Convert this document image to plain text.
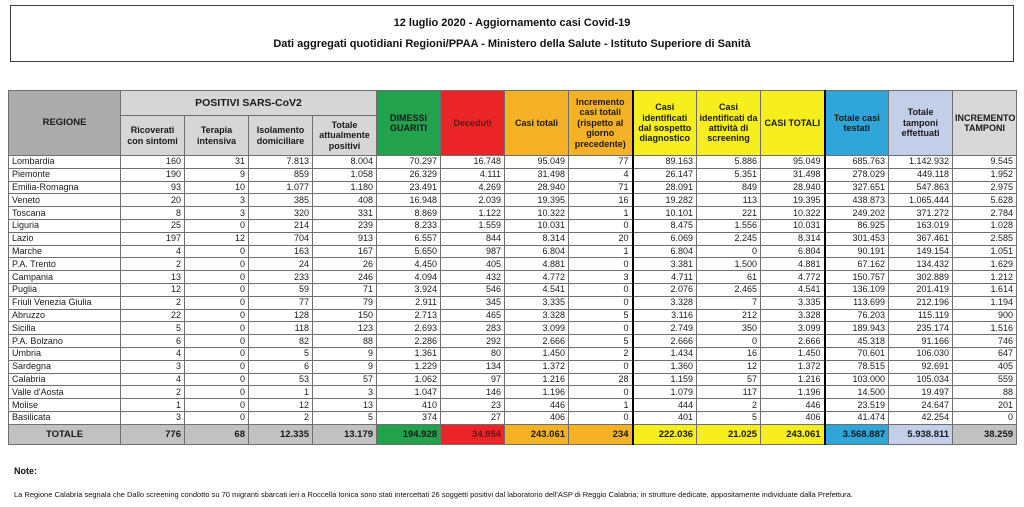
12 luglio 2020 - Aggiornamento casi Covid-19
Dati aggregati quotidiani Regioni/PPAA - Ministero della Salute - Istituto Superiore di Sanità
REGIONE	POSITIVI SARS-CoV2				DIMESSI GUARITI	Deceduti	Casi totali	Incremento casi totali (rispetto al giorno precedente)	Casi identificati dal sospetto diagnostico	Casi identificati da attività di screening	CASI TOTALI	Totale casi testati	Totale tamponi effettuati	INCREMENTO TAMPONI
	Ricoverati con sintomi	Terapia intensiva	Isolamento domiciliare	Totale attualmente positivi										
Lombardia	160	31	7.813	8.004	70.297	16.748	95.049	77	89.163	5.886	95.049	685.763	1.142.932	9.545
Piemonte	190	9	859	1.058	26.329	4.111	31.498	4	26.147	5.351	31.498	278.029	449.118	1.952
Emilia-Romagna	93	10	1.077	1.180	23.491	4.269	28.940	71	28.091	849	28.940	327.651	547.863	2.975
Veneto	20	3	385	408	16.948	2.039	19.395	16	19.282	113	19.395	438.873	1.065.444	5.628
Toscana	8	3	320	331	8.869	1.122	10.322	1	10.101	221	10.322	249.202	371.272	2.784
Liguria	25	0	214	239	8.233	1.559	10.031	0	8.475	1.556	10.031	86.925	163.019	1.028
Lazio	197	12	704	913	6.557	844	8.314	20	6.069	2.245	8.314	301.453	367.461	2.585
Marche	4	0	163	167	5.650	987	6.804	1	6.804	0	6.804	90.191	149.154	1.051
P.A. Trento	2	0	24	26	4.450	405	4.881	0	3.381	1.500	4.881	67.162	134.432	1.629
Campania	13	0	233	246	4.094	432	4.772	3	4.711	61	4.772	150.757	302.889	1.212
Puglia	12	0	59	71	3.924	546	4.541	0	2.076	2.465	4.541	136.109	201.419	1.614
Friuli Venezia Giulia	2	0	77	79	2.911	345	3.335	0	3.328	7	3.335	113.699	212.196	1.194
Abruzzo	22	0	128	150	2.713	465	3.328	5	3.116	212	3.328	76.203	115.119	900
Sicilia	5	0	118	123	2.693	283	3.099	0	2.749	350	3.099	189.943	235.174	1.516
P.A. Bolzano	6	0	82	88	2.286	292	2.666	5	2.666	0	2.666	45.318	91.166	746
Umbria	4	0	5	9	1.361	80	1.450	2	1.434	16	1.450	70.601	106.030	647
Sardegna	3	0	6	9	1.229	134	1.372	0	1.360	12	1.372	78.515	92.691	405
Calabria	4	0	53	57	1.062	97	1.216	28	1.159	57	1.216	103.000	105.034	559
Valle d'Aosta	2	0	1	3	1.047	146	1.196	0	1.079	117	1.196	14.500	19.497	88
Molise	1	0	12	13	410	23	446	1	444	2	446	23.519	24.647	201
Basilicata	3	0	2	5	374	27	406	0	401	5	406	41.474	42.254	0
TOTALE	776	68	12.335	13.179	194.928	34.954	243.061	234	222.036	21.025	243.061	3.568.887	5.938.811	38.259
Note:
La Regione Calabria segnala che Dallo screening condotto su 70 migranti sbarcati ieri a Roccella Ionica sono stati intercettati 26 soggetti positivi dal laboratorio dell'ASP di Reggio Calabria; in strutture dedicate, appositamente individuate dalla Prefettura.
